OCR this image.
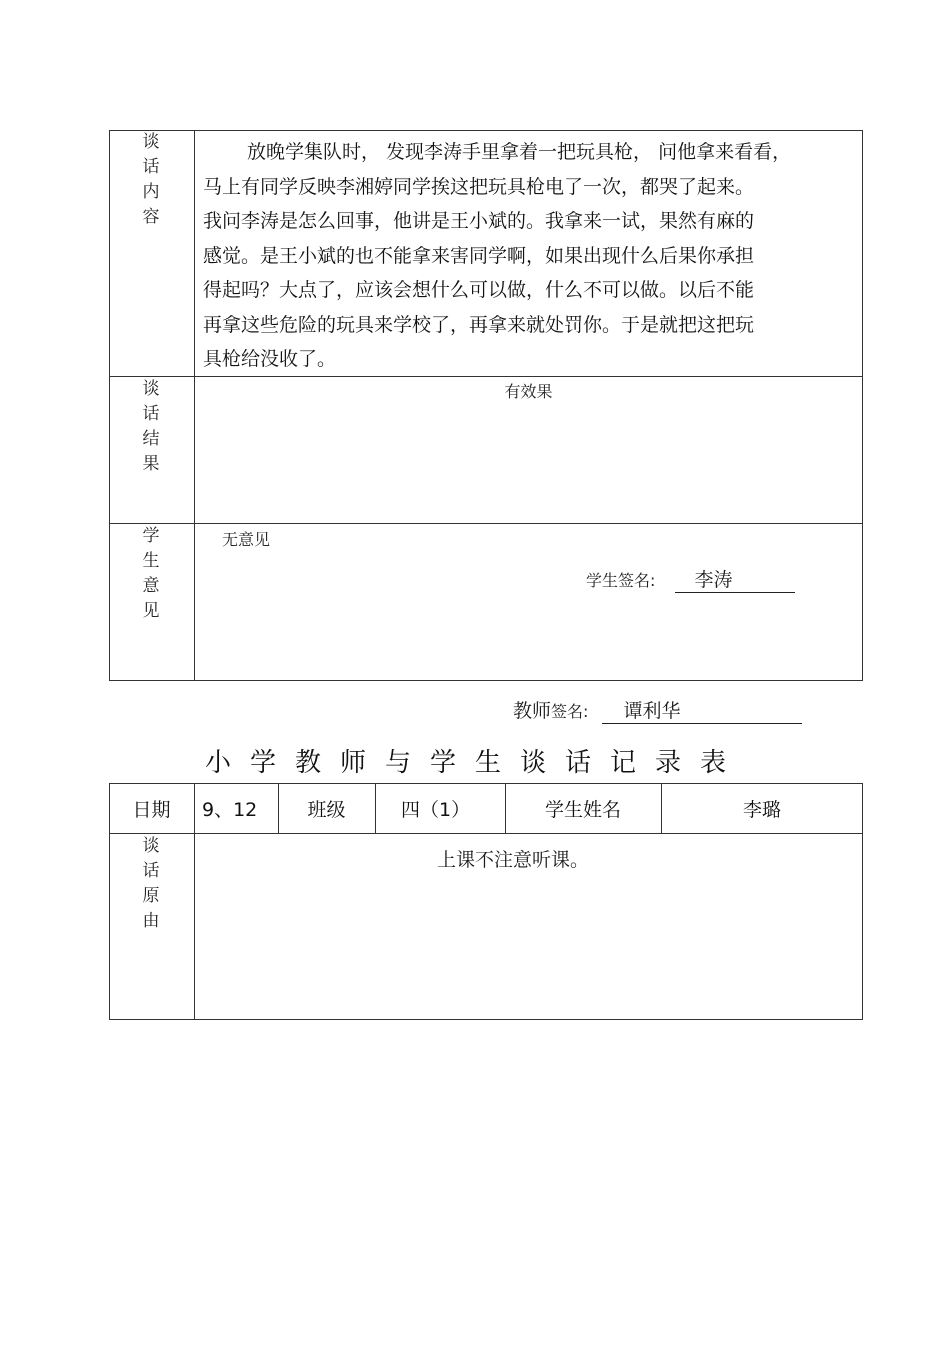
谈
话
内
容
放晚学集队时， 发现李涛手里拿着一把玩具枪， 问他拿来看看，
马上有同学反映李湘婷同学挨这把玩具枪电了一次，都哭了起来。
我问李涛是怎么回事，他讲是王小斌的。我拿来一试，果然有麻的
感觉。是王小斌的也不能拿来害同学啊，如果出现什么后果你承担
得起吗？大点了，应该会想什么可以做，什么不可以做。以后不能
再拿这些危险的玩具来学校了，再拿来就处罚你。于是就把这把玩
具枪给没收了。
谈
话
结
果
有效果
学
生
意
见
无意见
学生签名: 李涛
教师签名: 谭利华
小学教师与学生谈话记录表
日期	9、12	班级	四（1）	学生姓名	李璐
谈
话
原
由
上课不注意听课。
